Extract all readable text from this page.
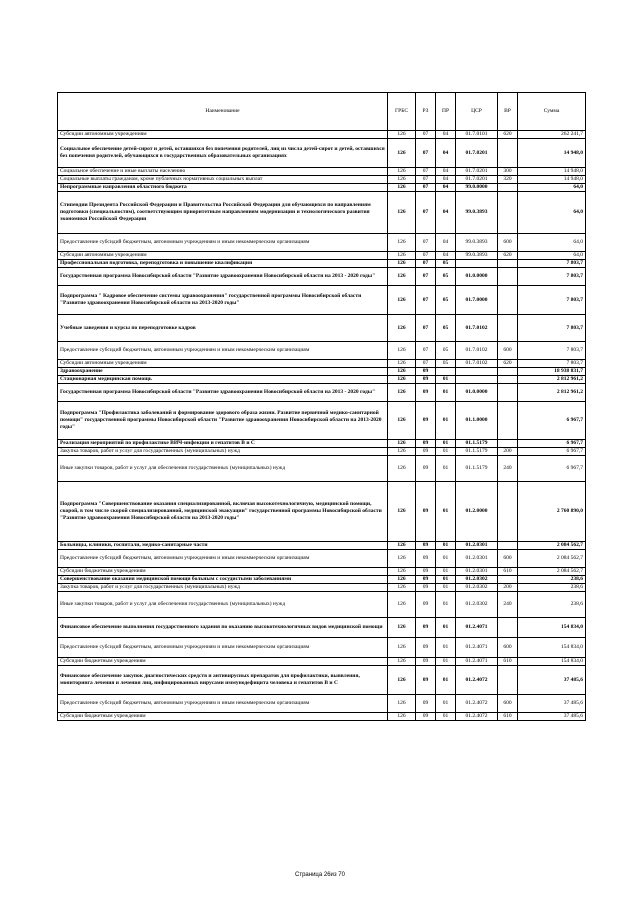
Наименование	ГРБС	РЗ	ПР	ЦСР	ВР	Сумма
Субсидии автономным учреждениям	126	07	04	01.7.0101	620	262 241,7
Социальное обеспечение детей-сирот и детей, оставшихся без попечения родителей, лиц из числа детей-сирот и детей, оставшихся без попечения родителей, обучающихся в государственных образовательных организациях	126	07	04	01.7.0201		14 948,0
Социальное обеспечение и иные выплаты населению	126	07	04	01.7.0201	300	14 948,0
Социальные выплаты гражданам, кроме публичных нормативных социальных выплат	126	07	04	01.7.0201	320	14 948,0
Непрограммные направления областного бюджета	126	07	04	99.0.0000		64,0
Стипендии Президента Российской Федерации и Правительства Российской Федерации для обучающихся по направлениям подготовки (специальностям), соответствующим приоритетным направлениям модернизации и технологического развития экономики Российской Федерации	126	07	04	99.0.3893		64,0
Предоставление субсидий бюджетным, автономным учреждениям и иным некоммерческим организациям	126	07	04	99.0.3893	600	64,0
Субсидии автономным учреждениям	126	07	04	99.0.3893	620	64,0
Профессиональная подготовка, переподготовка и повышение квалификации	126	07	05			7 803,7
Государственная программа Новосибирской области "Развитие здравоохранения Новосибирской области на 2013 - 2020 годы"	126	07	05	01.0.0000		7 803,7
Подпрограмма " Кадровое обеспечение системы здравоохранения" государственной программы Новосибирской области "Развитие здравоохранения Новосибирской области на 2013-2020 годы"	126	07	05	01.7.0000		7 803,7
Учебные заведения и курсы по переподготовке кадров	126	07	05	01.7.0102		7 803,7
Предоставление субсидий бюджетным, автономным учреждениям и иным некоммерческим организациям	126	07	05	01.7.0102	600	7 803,7
Субсидии автономным учреждениям	126	07	05	01.7.0102	620	7 803,7
Здравоохранение	126	09				18 938 831,7
Стационарная медицинская помощь	126	09	01			2 812 961,2
Государственная программа Новосибирской области "Развитие здравоохранения Новосибирской области на 2013 - 2020 годы"	126	09	01	01.0.0000		2 812 961,2
Подпрограмма "Профилактика заболеваний и формирование здорового образа жизни. Развитие первичной медико-санитарной помощи" государственной программы Новосибирской области "Развитие здравоохранения Новосибирской области на 2013-2020 годы"	126	09	01	01.1.0000		6 967,7
Реализация мероприятий по профилактике ВИЧ-инфекции и гепатитов B и C	126	09	01	01.1.5179		6 967,7
Закупка товаров, работ и услуг для государственных (муниципальных) нужд	126	09	01	01.1.5179	200	6 967,7
Иные закупки товаров, работ и услуг для обеспечения государственных (муниципальных) нужд	126	09	01	01.1.5179	240	6 967,7
Подпрограмма "Совершенствование оказания специализированной, включая высокотехнологичную, медицинской помощи, скорой, в том числе скорой специализированной, медицинской эвакуации" государственной программы Новосибирской области "Развитие здравоохранения Новосибирской области на 2013-2020 годы"	126	09	01	01.2.0000		2 760 890,0
Больницы, клиники, госпитали, медико-санитарные части	126	09	01	01.2.0301		2 084 562,7
Предоставление субсидий бюджетным, автономным учреждениям и иным некоммерческим организациям	126	09	01	01.2.0301	600	2 084 562,7
Субсидии бюджетным учреждениям	126	09	01	01.2.0301	610	2 084 562,7
Совершенствование оказания медицинской помощи больным с сосудистыми заболеваниями	126	09	01	01.2.0302		238,6
Закупка товаров, работ и услуг для государственных (муниципальных) нужд	126	09	01	01.2.0302	200	238,6
Иные закупки товаров, работ и услуг для обеспечения государственных (муниципальных) нужд	126	09	01	01.2.0302	240	238,6
Финансовое обеспечение выполнения государственного задания по оказанию высокотехнологичных видов медицинской помощи	126	09	01	01.2.4071		154 834,0
Предоставление субсидий бюджетным, автономным учреждениям и иным некоммерческим организациям	126	09	01	01.2.4071	600	154 834,0
Субсидии бюджетным учреждениям	126	09	01	01.2.4071	610	154 834,0
Финансовое обеспечение закупок диагностических средств и антивирусных препаратов для профилактики, выявления, мониторинга лечения и лечения лиц, инфицированных вирусами иммунодефицита человека и гепатитов B и C	126	09	01	01.2.4072		37 485,6
Предоставление субсидий бюджетным, автономным учреждениям и иным некоммерческим организациям	126	09	01	01.2.4072	600	37 485,6
Субсидии бюджетным учреждениям	126	09	01	01.2.4072	610	37 485,6
Страница 26из 70
